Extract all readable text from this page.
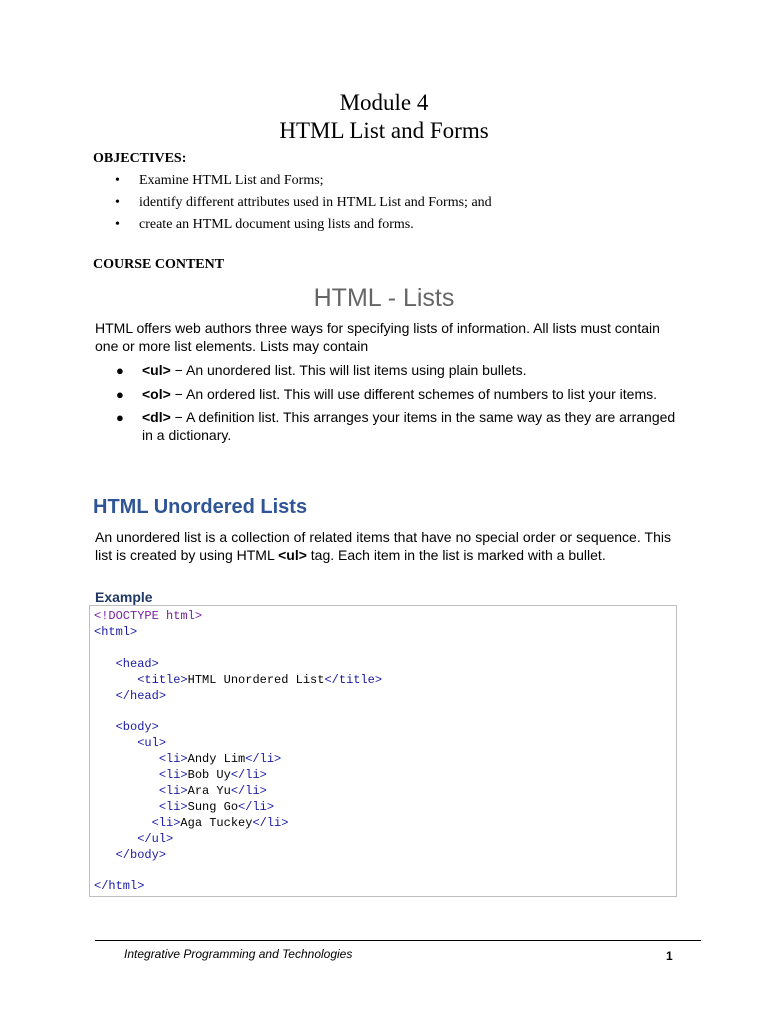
Module 4
HTML List and Forms
OBJECTIVES:
• Examine HTML List and Forms;
• identify different attributes used in HTML List and Forms; and
• create an HTML document using lists and forms.
COURSE CONTENT
HTML - Lists
HTML offers web authors three ways for specifying lists of information. All lists must contain one or more list elements. Lists may contain
● <ul> − An unordered list. This will list items using plain bullets.
● <ol> − An ordered list. This will use different schemes of numbers to list your items.
● <dl> − A definition list. This arranges your items in the same way as they are arranged in a dictionary.
HTML Unordered Lists
An unordered list is a collection of related items that have no special order or sequence. This list is created by using HTML <ul> tag. Each item in the list is marked with a bullet.
Example
<!DOCTYPE html>
<html>

<head>
<title>HTML Unordered List</title>
</head>

<body>
<ul>
<li>Andy Lim</li>
<li>Bob Uy</li>
<li>Ara Yu</li>
<li>Sung Go</li>
<li>Aga Tuckey</li>
</ul>
</body>

</html>
Integrative Programming and Technologies	1
